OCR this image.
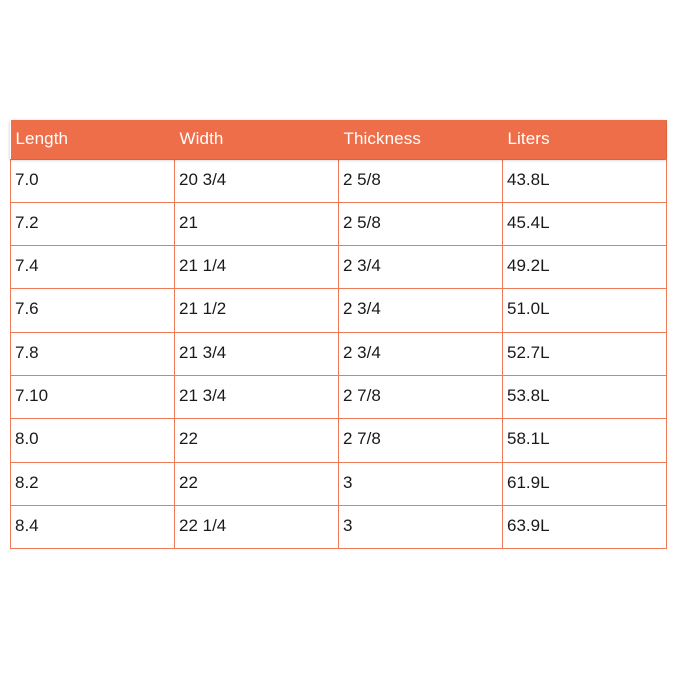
Length	Width	Thickness	Liters
7.0	20 3/4	2 5/8	43.8L
7.2	21	2 5/8	45.4L
7.4	21 1/4	2 3/4	49.2L
7.6	21 1/2	2 3/4	51.0L
7.8	21 3/4	2 3/4	52.7L
7.10	21 3/4	2 7/8	53.8L
8.0	22	2 7/8	58.1L
8.2	22	3	61.9L
8.4	22 1/4	3	63.9L
